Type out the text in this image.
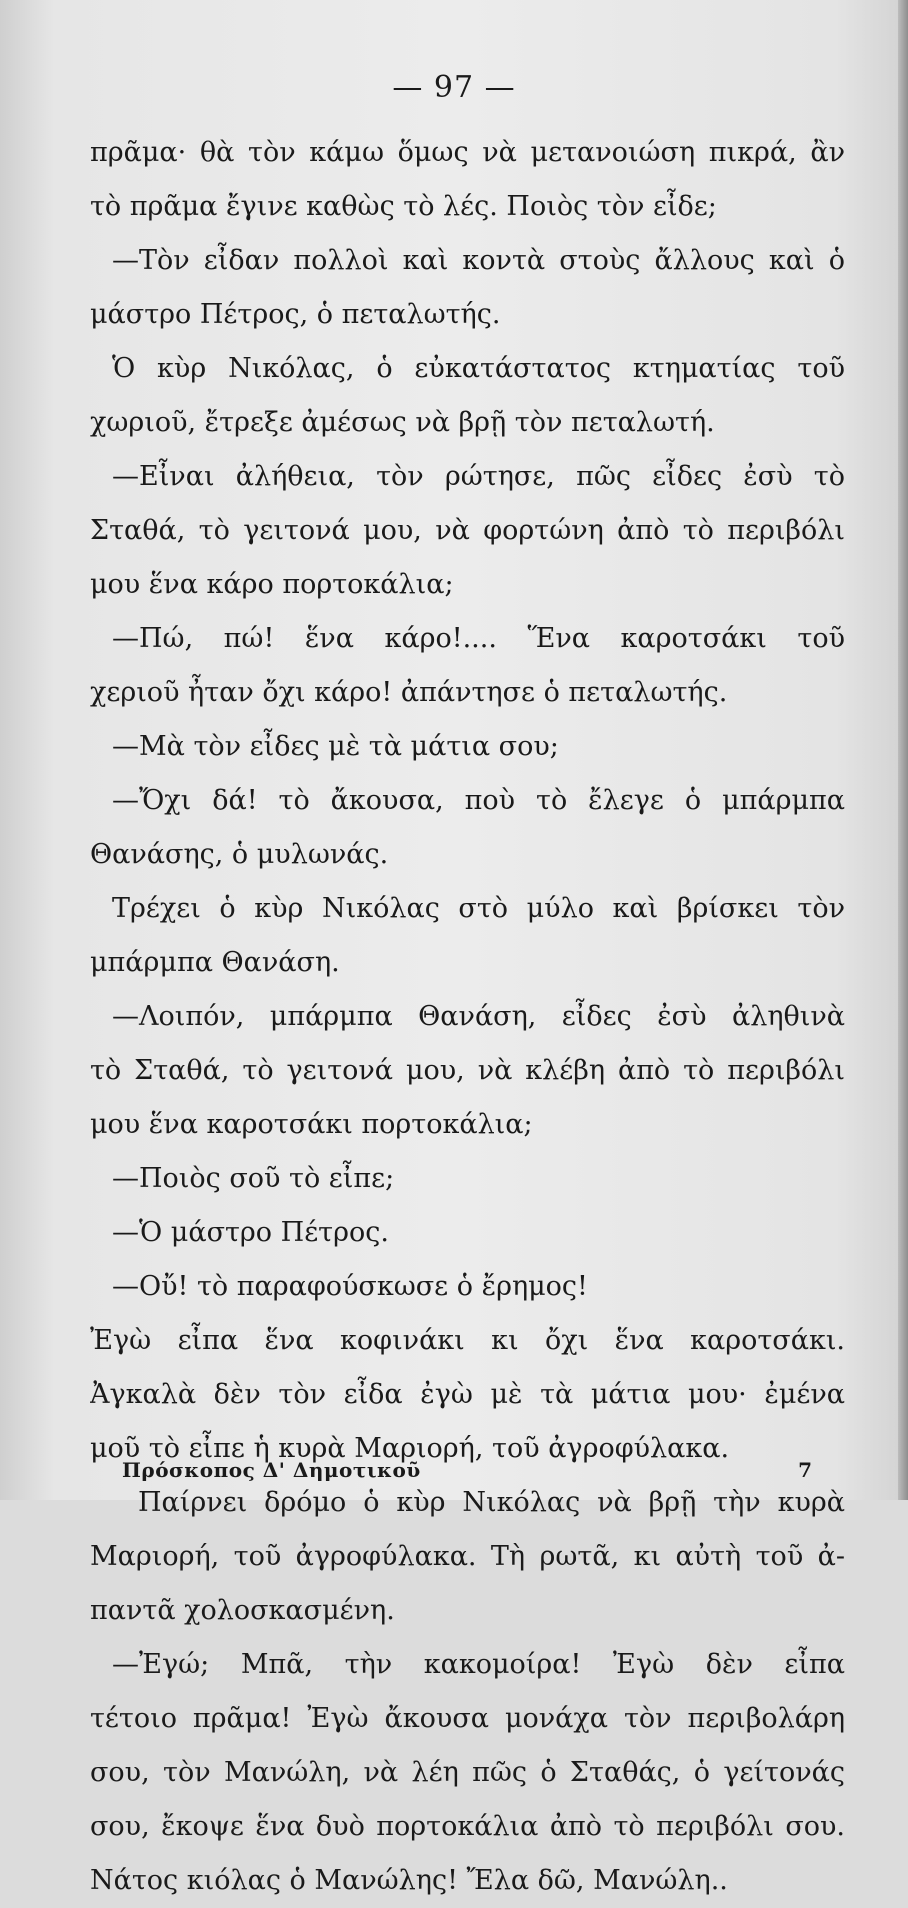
— 97 —
πρᾶμα· θὰ τὸν κάμω ὅμως νὰ μετανοιώση πικρά, ἂν
τὸ πρᾶμα ἔγινε καθὼς τὸ λές. Ποιὸς τὸν εἶδε;
—Τὸν εἶδαν πολλοὶ καὶ κοντὰ στοὺς ἄλλους καὶ ὁ
μάστρο Πέτρος, ὁ πεταλωτής.
Ὁ κὺρ Νικόλας, ὁ εὐκατάστατος κτηματίας τοῦ
χωριοῦ, ἔτρεξε ἀμέσως νὰ βρῇ τὸν πεταλωτή.
—Εἶναι ἀλήθεια, τὸν ρώτησε, πῶς εἶδες ἐσὺ τὸ
Σταθά, τὸ γειτονά μου, νὰ φορτώνη ἀπὸ τὸ περιβόλι
μου ἕνα κάρο πορτοκάλια;
—Πώ, πώ! ἕνα κάρο!.... Ἕνα καροτσάκι τοῦ
χεριοῦ ἦταν ὄχι κάρο! ἀπάντησε ὁ πεταλωτής.
—Μὰ τὸν εἶδες μὲ τὰ μάτια σου;
—Ὄχι δά! τὸ ἄκουσα, ποὺ τὸ ἔλεγε ὁ μπάρμπα
Θανάσης, ὁ μυλωνάς.
Τρέχει ὁ κὺρ Νικόλας στὸ μύλο καὶ βρίσκει τὸν
μπάρμπα Θανάση.
—Λοιπόν, μπάρμπα Θανάση, εἶδες ἐσὺ ἀληθινὰ
τὸ Σταθά, τὸ γειτονά μου, νὰ κλέβη ἀπὸ τὸ περιβόλι
μου ἕνα καροτσάκι πορτοκάλια;
—Ποιὸς σοῦ τὸ εἶπε;
—Ὁ μάστρο Πέτρος.
—Οὔ! τὸ παραφούσκωσε ὁ ἔρημος!
Ἐγὼ εἶπα ἕνα κοφινάκι κι ὄχι ἕνα καροτσάκι.
Ἀγκαλὰ δὲν τὸν εἶδα ἐγὼ μὲ τὰ μάτια μου· ἐμένα
μοῦ τὸ εἶπε ἡ κυρὰ Μαριορή, τοῦ ἀγροφύλακα.
Παίρνει δρόμο ὁ κὺρ Νικόλας νὰ βρῇ τὴν κυρὰ
Μαριορή, τοῦ ἀγροφύλακα. Τὴ ρωτᾶ, κι αὐτὴ τοῦ ἀ-
παντᾶ χολοσκασμένη.
—Ἐγώ; Μπᾶ, τὴν κακομοίρα! Ἐγὼ δὲν εἶπα
τέτοιο πρᾶμα! Ἐγὼ ἄκουσα μονάχα τὸν περιβολάρη
σου, τὸν Μανώλη, νὰ λέη πῶς ὁ Σταθάς, ὁ γείτονάς
σου, ἔκοψε ἕνα δυὸ πορτοκάλια ἀπὸ τὸ περιβόλι σου.
Νάτος κιόλας ὁ Μανώλης! Ἔλα δῶ, Μανώλη..
Πρόσκοπος Δ' Δημοτικοῦ	7
